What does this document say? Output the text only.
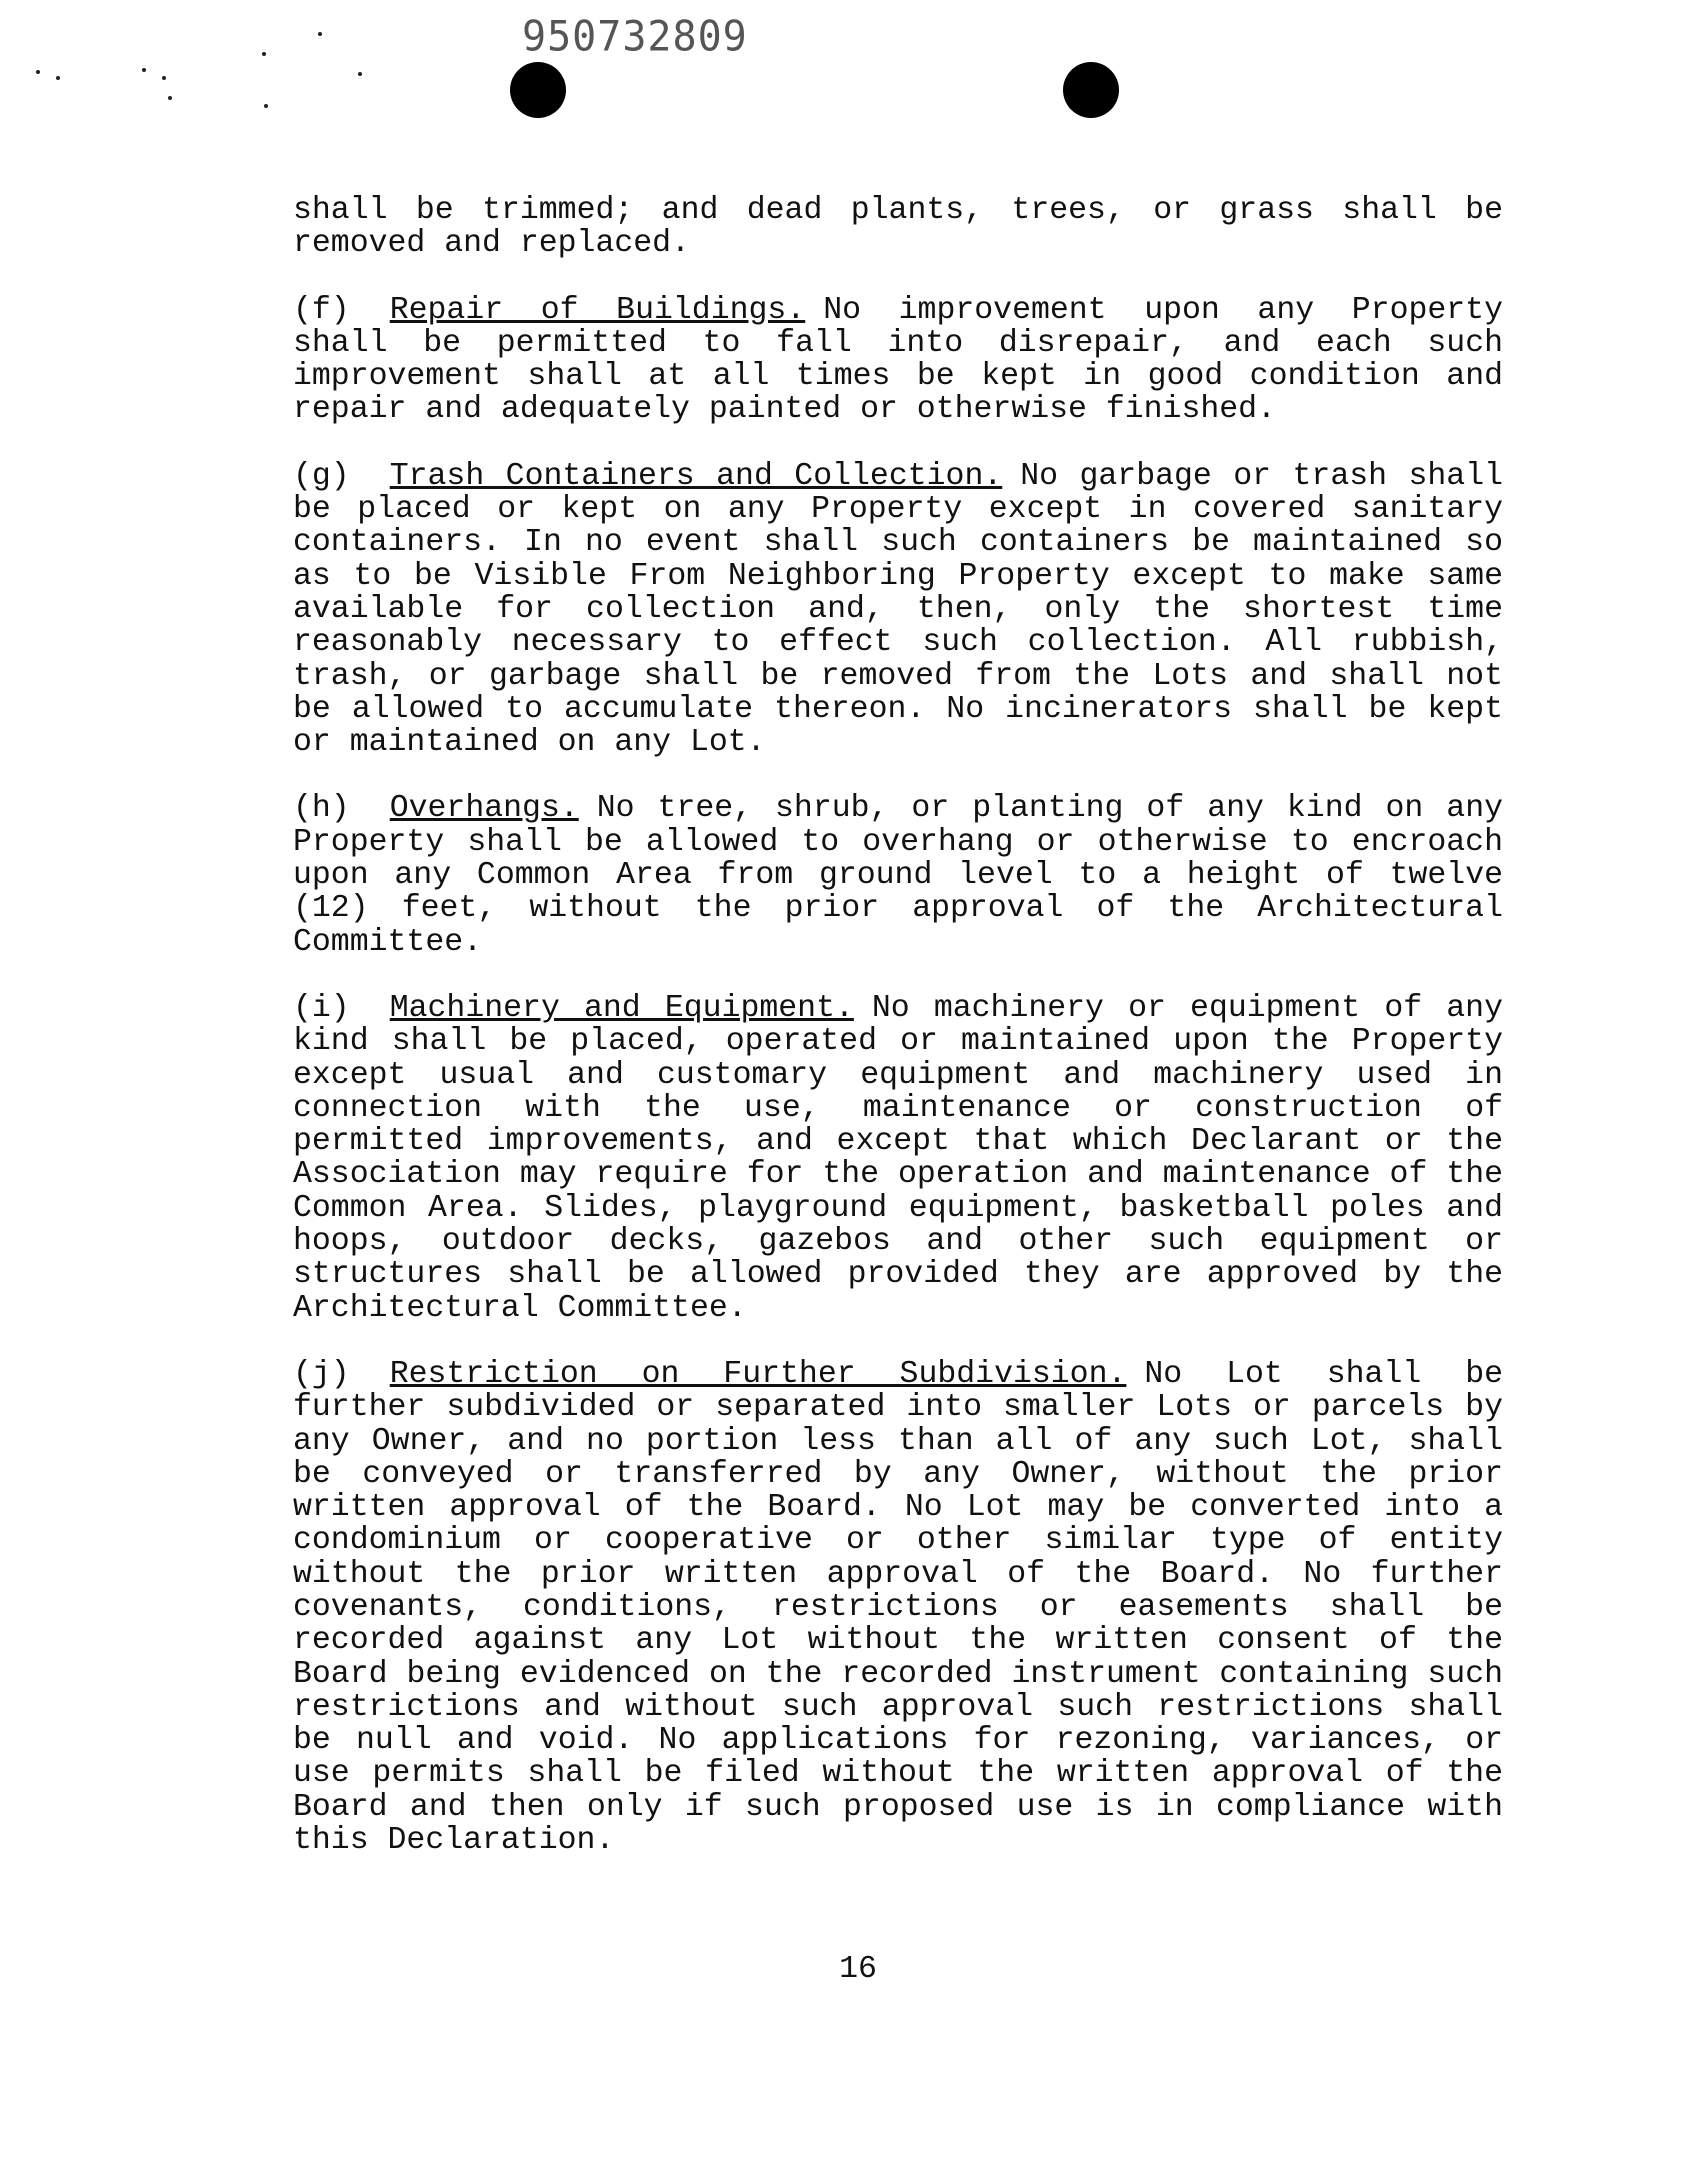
950732809

shall be trimmed; and dead plants, trees, or grass shall be removed and replaced.

(f) Repair of Buildings. No improvement upon any Property shall be permitted to fall into disrepair, and each such improvement shall at all times be kept in good condition and repair and adequately painted or otherwise finished.

(g) Trash Containers and Collection. No garbage or trash shall be placed or kept on any Property except in covered sanitary containers. In no event shall such containers be maintained so as to be Visible From Neighboring Property except to make same available for collection and, then, only the shortest time reasonably necessary to effect such collection. All rubbish, trash, or garbage shall be removed from the Lots and shall not be allowed to accumulate thereon. No incinerators shall be kept or maintained on any Lot.

(h) Overhangs. No tree, shrub, or planting of any kind on any Property shall be allowed to overhang or otherwise to encroach upon any Common Area from ground level to a height of twelve (12) feet, without the prior approval of the Architectural Committee.

(i) Machinery and Equipment. No machinery or equipment of any kind shall be placed, operated or maintained upon the Property except usual and customary equipment and machinery used in connection with the use, maintenance or construction of permitted improvements, and except that which Declarant or the Association may require for the operation and maintenance of the Common Area. Slides, playground equipment, basketball poles and hoops, outdoor decks, gazebos and other such equipment or structures shall be allowed provided they are approved by the Architectural Committee.

(j) Restriction on Further Subdivision. No Lot shall be further subdivided or separated into smaller Lots or parcels by any Owner, and no portion less than all of any such Lot, shall be conveyed or transferred by any Owner, without the prior written approval of the Board. No Lot may be converted into a condominium or cooperative or other similar type of entity without the prior written approval of the Board. No further covenants, conditions, restrictions or easements shall be recorded against any Lot without the written consent of the Board being evidenced on the recorded instrument containing such restrictions and without such approval such restrictions shall be null and void. No applications for rezoning, variances, or use permits shall be filed without the written approval of the Board and then only if such proposed use is in compliance with this Declaration.

16
